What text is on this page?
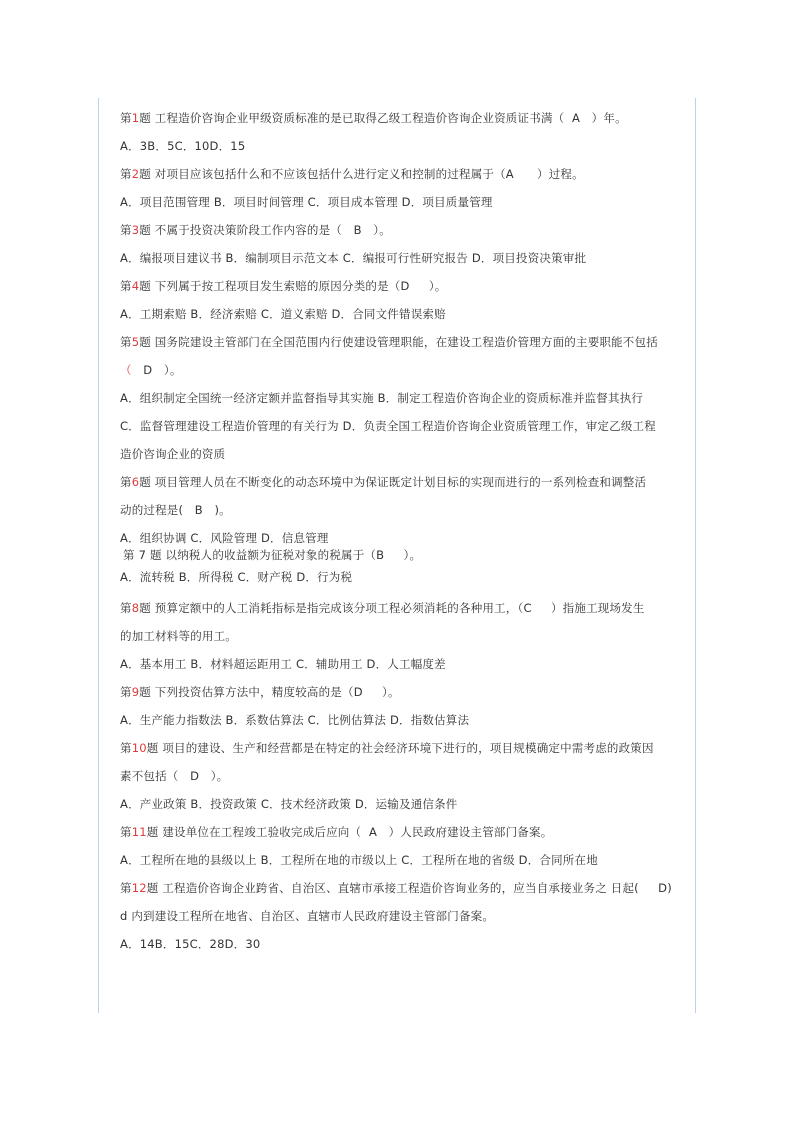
第1题 工程造价咨询企业甲级资质标准的是已取得乙级工程造价咨询企业资质证书满（ A ）年。
A．3B．5C．10D．15
第2题 对项目应该包括什么和不应该包括什么进行定义和控制的过程属于（A ）过程。
A．项目范围管理 B．项目时间管理 C．项目成本管理 D．项目质量管理
第3题 不属于投资决策阶段工作内容的是（ B ）。
A．编报项目建议书 B．编制项目示范文本 C．编报可行性研究报告 D．项目投资决策审批
第4题 下列属于按工程项目发生索赔的原因分类的是（D ）。
A．工期索赔 B．经济索赔 C．道义索赔 D．合同文件错误索赔
第5题 国务院建设主管部门在全国范围内行使建设管理职能，在建设工程造价管理方面的主要职能不包括
（ D ）。
A．组织制定全国统一经济定额并监督指导其实施 B．制定工程造价咨询企业的资质标准并监督其执行
C．监督管理建设工程造价管理的有关行为 D．负责全国工程造价咨询企业资质管理工作，审定乙级工程
造价咨询企业的资质
第6题 项目管理人员在不断变化的动态环境中为保证既定计划目标的实现而进行的一系列检查和调整活
动的过程是( B )。
A．组织协调 C．风险管理 D．信息管理
第 7 题 以纳税人的收益额为征税对象的税属于（B ）。
A．流转税 B．所得税 C．财产税 D．行为税
第8题 预算定额中的人工消耗指标是指完成该分项工程必须消耗的各种用工，（C ）指施工现场发生
的加工材料等的用工。
A．基本用工 B．材料超运距用工 C．辅助用工 D．人工幅度差
第9题 下列投资估算方法中，精度较高的是（D ）。
A．生产能力指数法 B．系数估算法 C．比例估算法 D．指数估算法
第10题 项目的建设、生产和经营都是在特定的社会经济环境下进行的，项目规模确定中需考虑的政策因
素不包括（ D ）。
A．产业政策 B．投资政策 C．技术经济政策 D．运输及通信条件
第11题 建设单位在工程竣工验收完成后应向（ A ）人民政府建设主管部门备案。
A．工程所在地的县级以上 B．工程所在地的市级以上 C．工程所在地的省级 D．合同所在地
第12题 工程造价咨询企业跨省、自治区、直辖市承接工程造价咨询业务的，应当自承接业务之 日起( D)
d 内到建设工程所在地省、自治区、直辖市人民政府建设主管部门备案。
A．14B．15C．28D．30
